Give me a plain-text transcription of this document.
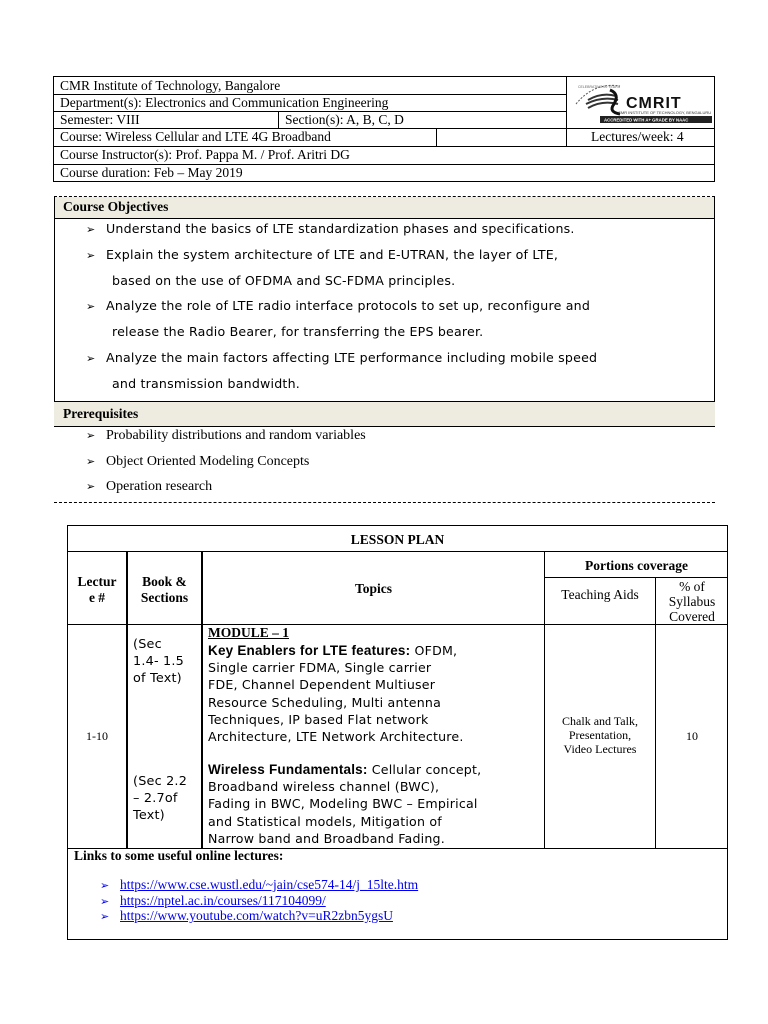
CMR Institute of Technology, Bangalore
Department(s): Electronics and Communication Engineering
Semester: VIII	Section(s): A, B, C, D
Course: Wireless Cellular and LTE 4G Broadband	Lectures/week: 4
Course Instructor(s): Prof. Pappa M. / Prof. Aritri DG
Course duration: Feb – May 2019
CMRIT
CMR INSTITUTE OF TECHNOLOGY, BENGALURU
ACCREDITED WITH A+ GRADE BY NAAC
CELEBRATING 20 YEARS
Course Objectives
➢ Understand the basics of LTE standardization phases and specifications.
➢ Explain the system architecture of LTE and E-UTRAN, the layer of LTE,
based on the use of OFDMA and SC-FDMA principles.
➢ Analyze the role of LTE radio interface protocols to set up, reconfigure and
release the Radio Bearer, for transferring the EPS bearer.
➢ Analyze the main factors affecting LTE performance including mobile speed
and transmission bandwidth.
Prerequisites
➢ Probability distributions and random variables
➢ Object Oriented Modeling Concepts
➢ Operation research
LESSON PLAN
Lectur
e #
Book &
Sections
Topics
Portions coverage
Teaching Aids
% of
Syllabus
Covered
1-10
(Sec
1.4- 1.5
of Text)
(Sec 2.2
– 2.7of
Text)
MODULE – 1
Key Enablers for LTE features: OFDM,
Single carrier FDMA, Single carrier
FDE, Channel Dependent Multiuser
Resource Scheduling, Multi antenna
Techniques, IP based Flat network
Architecture, LTE Network Architecture.
Wireless Fundamentals: Cellular concept,
Broadband wireless channel (BWC),
Fading in BWC, Modeling BWC – Empirical
and Statistical models, Mitigation of
Narrow band and Broadband Fading.
Chalk and Talk,
Presentation,
Video Lectures
10
Links to some useful online lectures:
➢ https://www.cse.wustl.edu/~jain/cse574-14/j_15lte.htm
➢ https://nptel.ac.in/courses/117104099/
➢ https://www.youtube.com/watch?v=uR2zbn5ygsU
